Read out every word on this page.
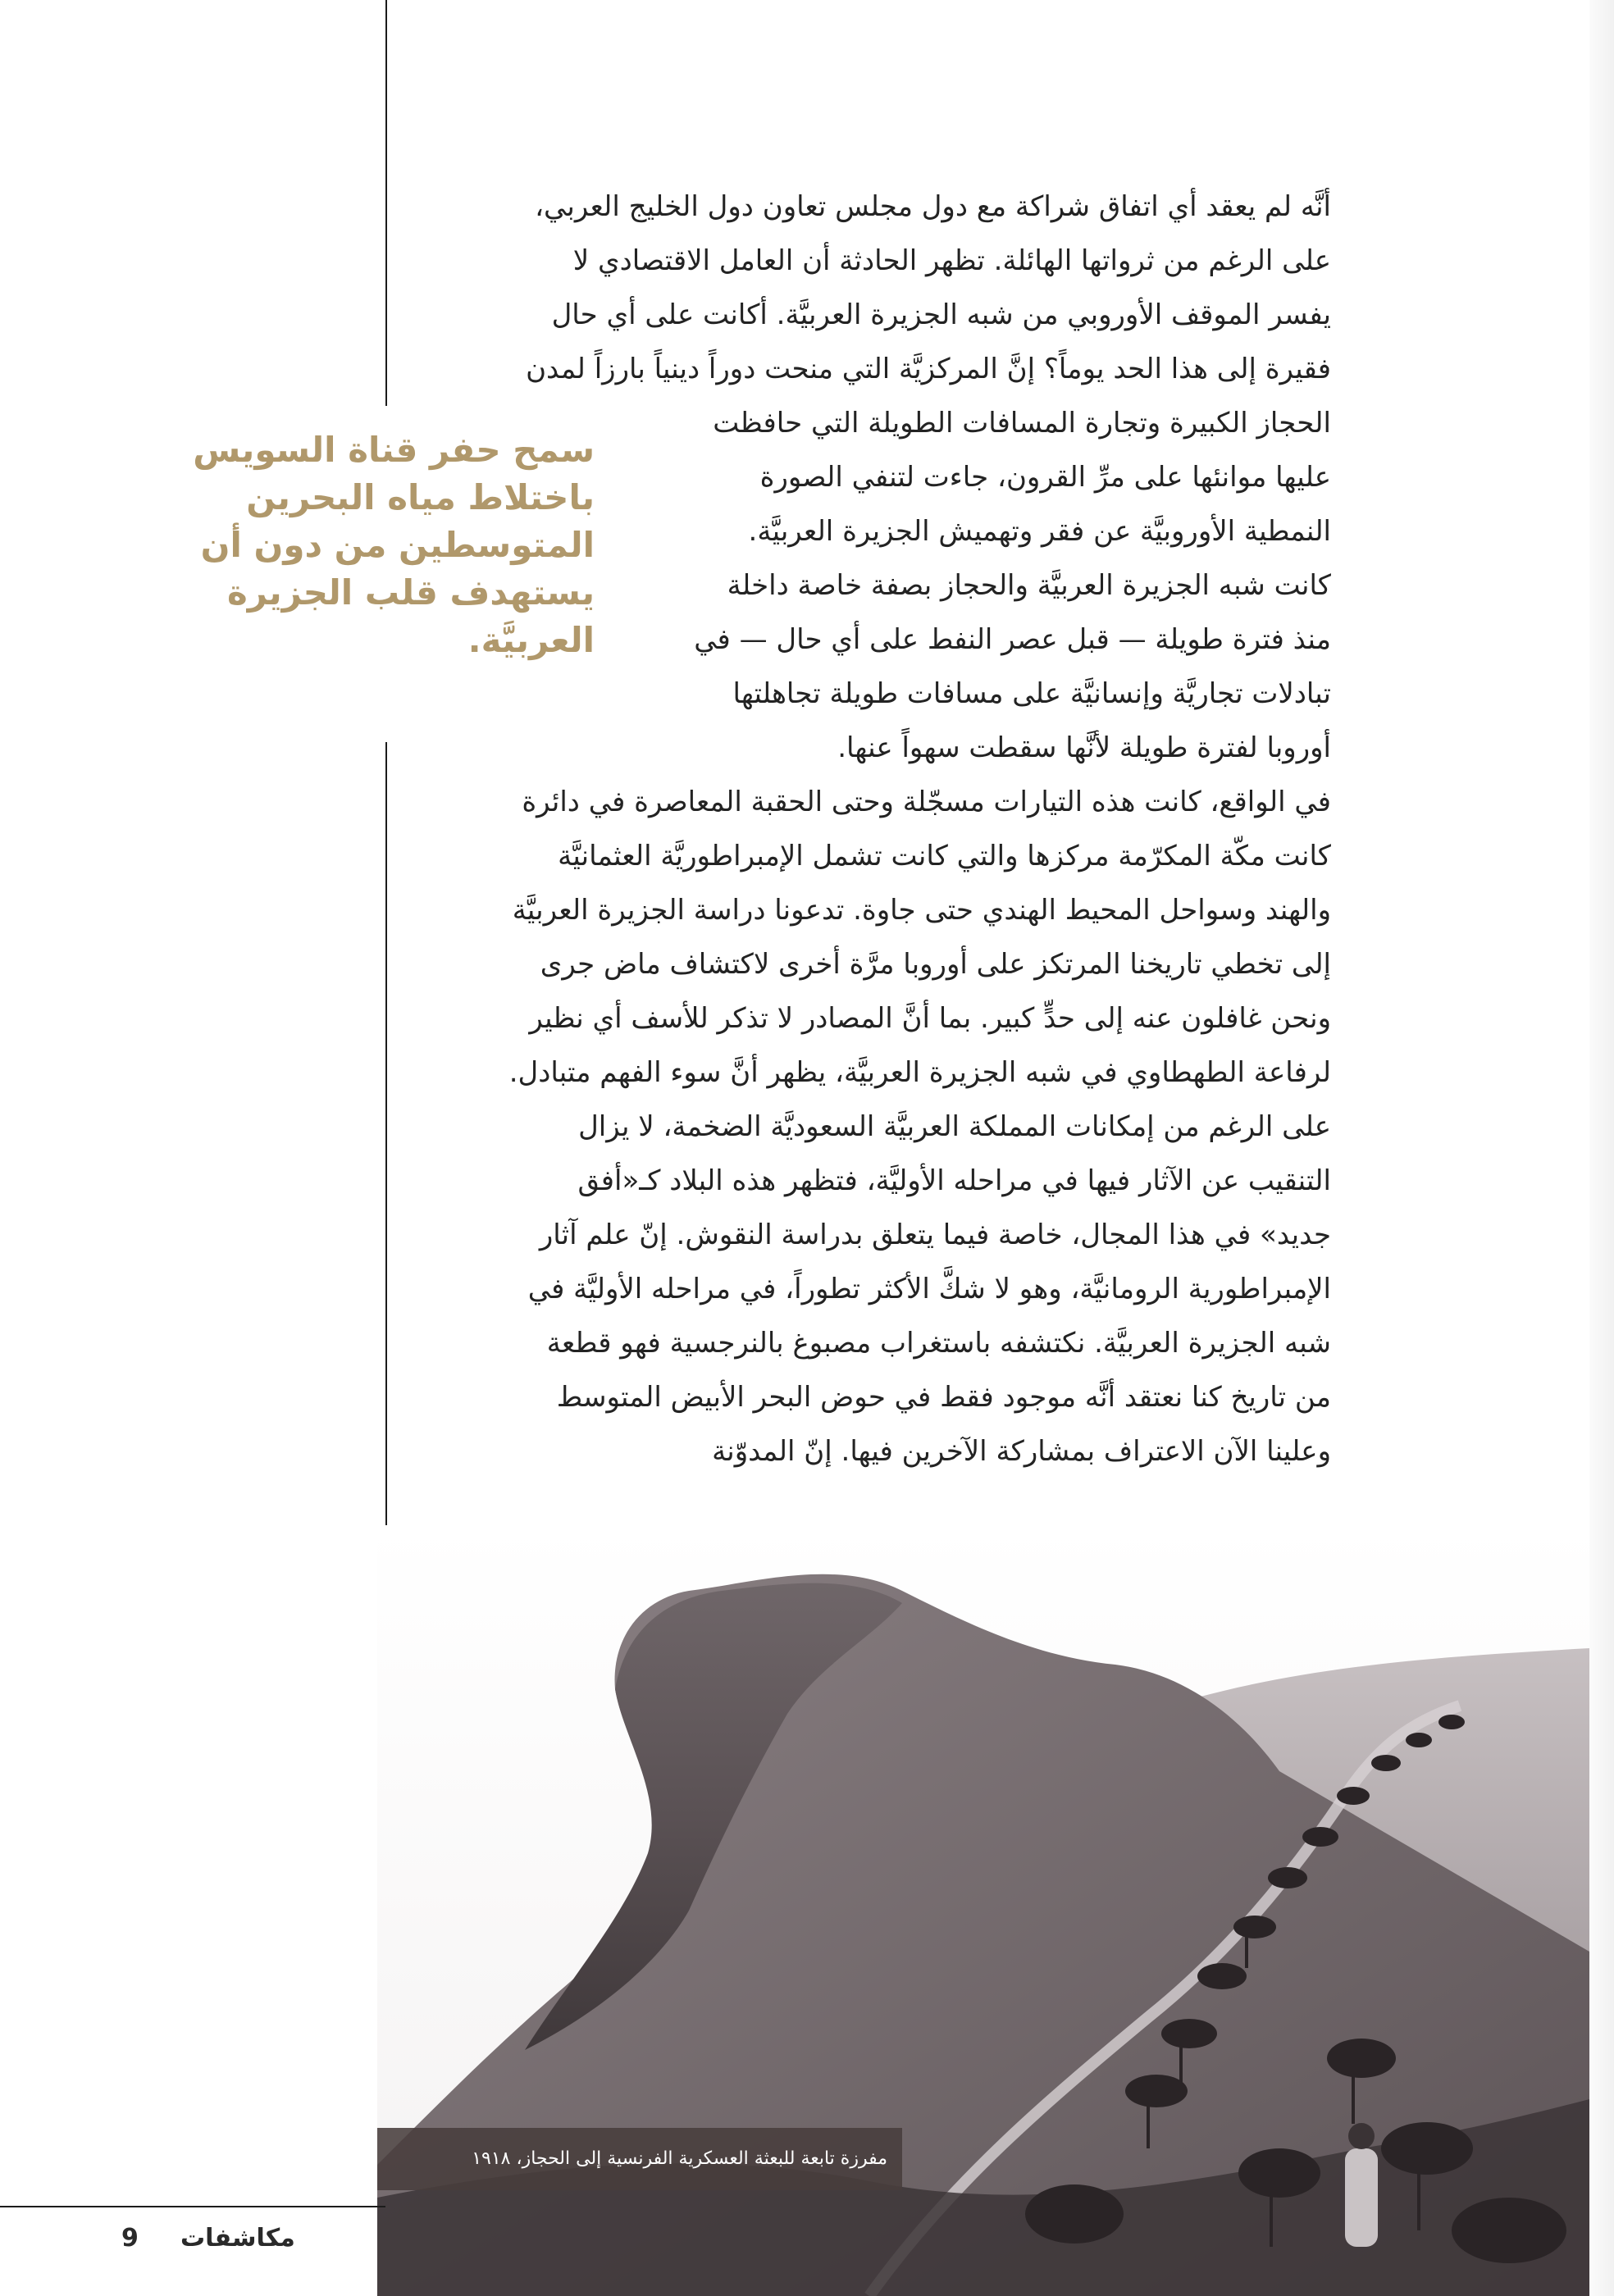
أنَّه لم يعقد أي اتفاق شراكة مع دول مجلس تعاون دول الخليج العربي،
على الرغم من ثرواتها الهائلة. تظهر الحادثة أن العامل الاقتصادي لا
يفسر الموقف الأوروبي من شبه الجزيرة العربيَّة. أكانت على أي حال
فقيرة إلى هذا الحد يوماً؟ إنَّ المركزيَّة التي منحت دوراً دينياً بارزاً لمدن
الحجاز الكبيرة وتجارة المسافات الطويلة التي حافظت
عليها موانئها على مرِّ القرون، جاءت لتنفي الصورة
النمطية الأوروبيَّة عن فقر وتهميش الجزيرة العربيَّة.
كانت شبه الجزيرة العربيَّة والحجاز بصفة خاصة داخلة
منذ فترة طويلة — قبل عصر النفط على أي حال — في
تبادلات تجاريَّة وإنسانيَّة على مسافات طويلة تجاهلتها
أوروبا لفترة طويلة لأنَّها سقطت سهواً عنها.
في الواقع، كانت هذه التيارات مسجّلة وحتى الحقبة المعاصرة في دائرة
كانت مكّة المكرّمة مركزها والتي كانت تشمل الإمبراطوريَّة العثمانيَّة
والهند وسواحل المحيط الهندي حتى جاوة. تدعونا دراسة الجزيرة العربيَّة
إلى تخطي تاريخنا المرتكز على أوروبا مرَّة أخرى لاكتشاف ماض جرى
ونحن غافلون عنه إلى حدٍّ كبير. بما أنَّ المصادر لا تذكر للأسف أي نظير
لرفاعة الطهطاوي في شبه الجزيرة العربيَّة، يظهر أنَّ سوء الفهم متبادل.
على الرغم من إمكانات المملكة العربيَّة السعوديَّة الضخمة، لا يزال
التنقيب عن الآثار فيها في مراحله الأوليَّة، فتظهر هذه البلاد كـ«أفق
جديد» في هذا المجال، خاصة فيما يتعلق بدراسة النقوش. إنّ علم آثار
الإمبراطورية الرومانيَّة، وهو لا شكَّ الأكثر تطوراً، في مراحله الأوليَّة في
شبه الجزيرة العربيَّة. نكتشفه باستغراب مصبوغ بالنرجسية فهو قطعة
من تاريخ كنا نعتقد أنَّه موجود فقط في حوض البحر الأبيض المتوسط
وعلينا الآن الاعتراف بمشاركة الآخرين فيها. إنّ المدوّنة
سمح حفر قناة السويس
باختلاط مياه البحرين
المتوسطين من دون أن
يستهدف قلب الجزيرة
العربيَّة.
مفرزة تابعة للبعثة العسكرية الفرنسية إلى الحجاز، ١٩١٨
مكاشفات
9
